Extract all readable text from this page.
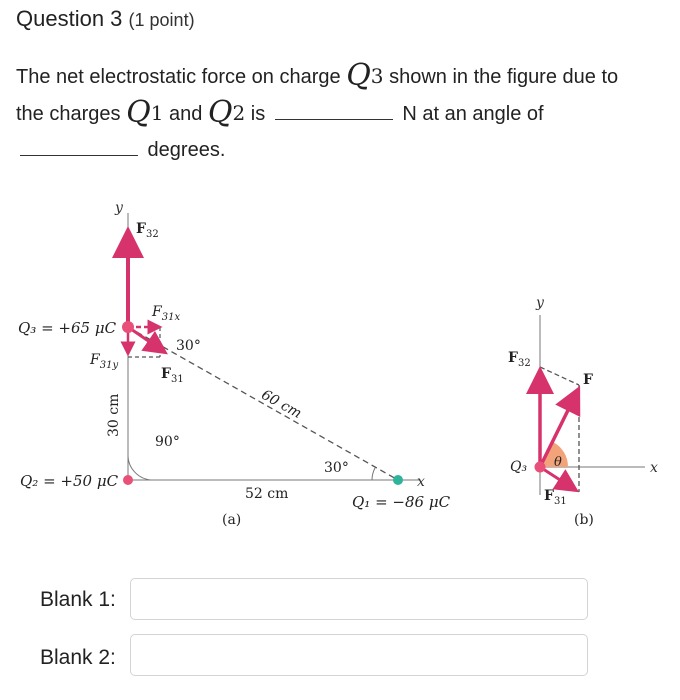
Question 3 (1 point)
The net electrostatic force on charge Q3 shown in the figure due to
the charges Q1 and Q2 is	N at an angle of
degrees.
y
x
$F_{32}$
$F_{31x}$
$F_{31y}$
$F_{31}$
30°
90°
30°
60 cm
30 cm
52 cm
Q₃ = +65 μC
Q₂ = +50 μC
Q₁ = −86 μC
(a)
y
x
$F_{32}$
F
Q₃ θ
$F_{31}$
(b)
Blank 1:
Blank 2:
